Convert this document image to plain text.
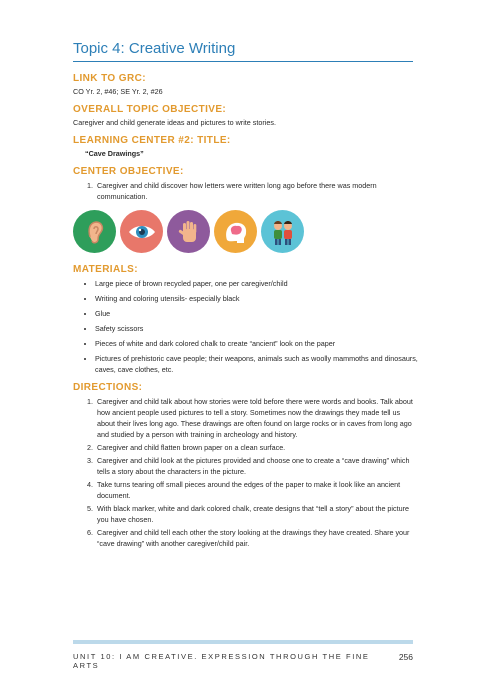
Topic 4: Creative Writing

LINK TO GRC:

CO Yr. 2, #46; SE Yr. 2, #26

OVERALL TOPIC OBJECTIVE:

Caregiver and child generate ideas and pictures to write stories.

LEARNING CENTER #2: TITLE:

“Cave Drawings”

CENTER OBJECTIVE:

1. Caregiver and child discover how letters were written long ago before there was modern communication.

MATERIALS:

• Large piece of brown recycled paper, one per caregiver/child
• Writing and coloring utensils- especially black
• Glue
• Safety scissors
• Pieces of white and dark colored chalk to create “ancient” look on the paper
• Pictures of prehistoric cave people; their weapons, animals such as woolly mammoths and dinosaurs, caves, cave clothes, etc.

DIRECTIONS:

1. Caregiver and child talk about how stories were told before there were words and books. Talk about how ancient people used pictures to tell a story. Sometimes now the drawings they made tell us about their lives long ago. These drawings are often found on large rocks or in caves from long ago and studied by a person with training in archeology and history.
2. Caregiver and child flatten brown paper on a clean surface.
3. Caregiver and child look at the pictures provided and choose one to create a “cave drawing” which tells a story about the characters in the picture.
4. Take turns tearing off small pieces around the edges of the paper to make it look like an ancient document.
5. With black marker, white and dark colored chalk, create designs that “tell a story” about the picture you have chosen.
6. Caregiver and child tell each other the story looking at the drawings they have created. Share your “cave drawing” with another caregiver/child pair.
UNIT 10: I AM CREATIVE. EXPRESSION THROUGH THE FINE ARTS
256
